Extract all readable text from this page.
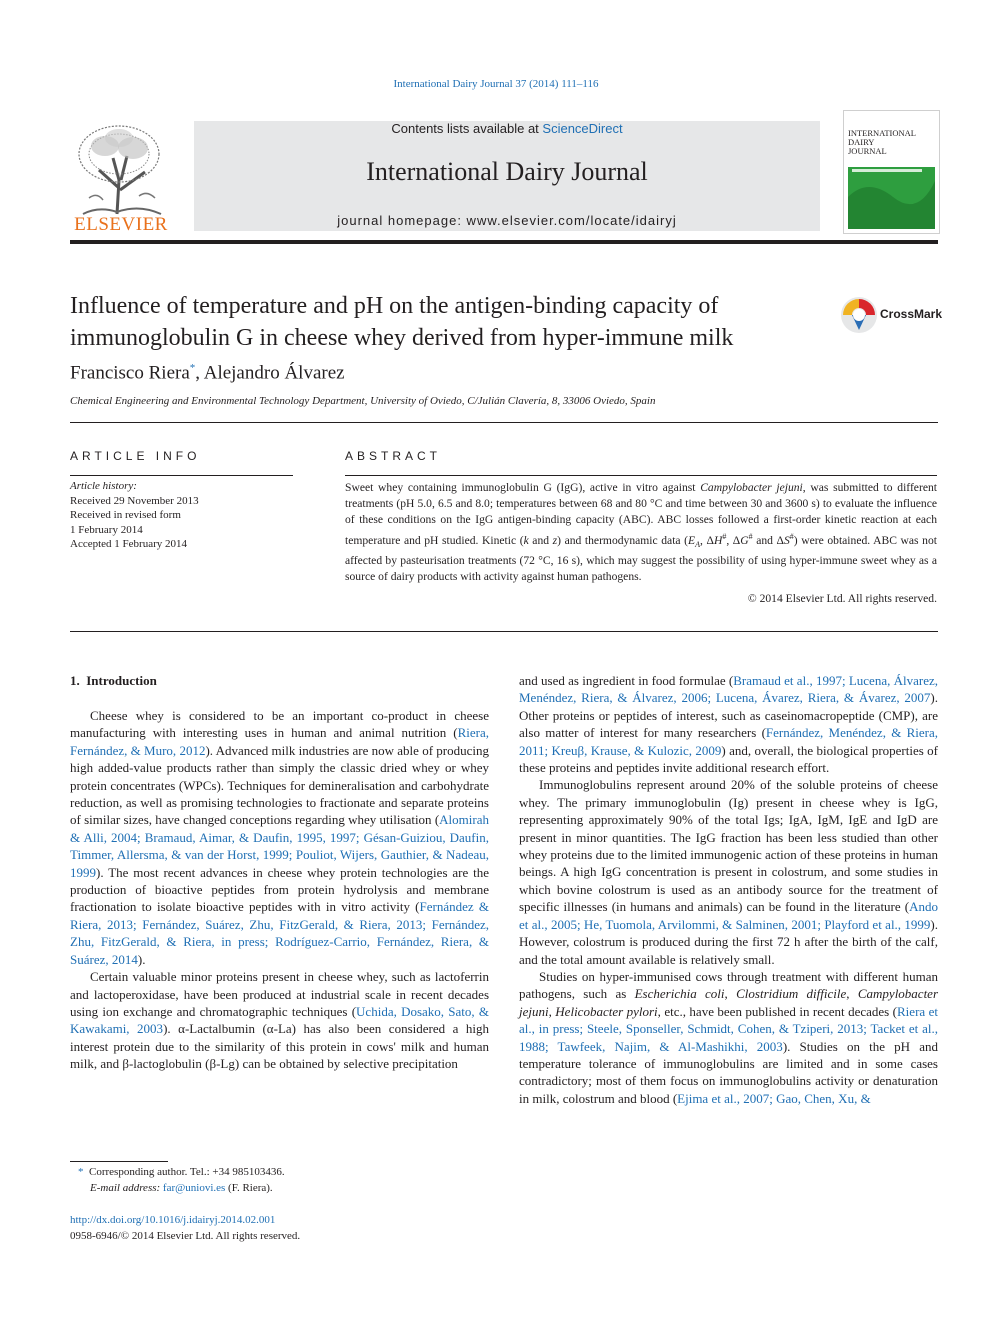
International Dairy Journal 37 (2014) 111–116
ELSEVIER
Contents lists available at ScienceDirect
International Dairy Journal
journal homepage: www.elsevier.com/locate/idairyj
INTERNATIONAL
DAIRY
JOURNAL
Influence of temperature and pH on the antigen-binding capacity of immunoglobulin G in cheese whey derived from hyper-immune milk
CrossMark
Francisco Riera*, Alejandro Álvarez
Chemical Engineering and Environmental Technology Department, University of Oviedo, C/Julián Clavería, 8, 33006 Oviedo, Spain
ARTICLE INFO
Article history:
Received 29 November 2013
Received in revised form
1 February 2014
Accepted 1 February 2014
ABSTRACT
Sweet whey containing immunoglobulin G (IgG), active in vitro against Campylobacter jejuni, was submitted to different treatments (pH 5.0, 6.5 and 8.0; temperatures between 68 and 80 °C and time between 30 and 3600 s) to evaluate the influence of these conditions on the IgG antigen-binding capacity (ABC). ABC losses followed a first-order kinetic reaction at each temperature and pH studied. Kinetic (k and z) and thermodynamic data ($E_A$, ΔH#, ΔG# and ΔS#) were obtained. ABC was not affected by pasteurisation treatments (72 °C, 16 s), which may suggest the possibility of using hyper-immune sweet whey as a source of dairy products with activity against human pathogens.
© 2014 Elsevier Ltd. All rights reserved.
1. Introduction

Cheese whey is considered to be an important co-product in cheese manufacturing with interesting uses in human and animal nutrition (Riera, Fernández, & Muro, 2012). Advanced milk industries are now able of producing high added-value products rather than simply the classic dried whey or whey protein concentrates (WPCs). Techniques for demineralisation and carbohydrate reduction, as well as promising technologies to fractionate and separate proteins of similar sizes, have changed conceptions regarding whey utilisation (Alomirah & Alli, 2004; Bramaud, Aimar, & Daufin, 1995, 1997; Gésan-Guiziou, Daufin, Timmer, Allersma, & van der Horst, 1999; Pouliot, Wijers, Gauthier, & Nadeau, 1999). The most recent advances in cheese whey protein technologies are the production of bioactive peptides from protein hydrolysis and membrane fractionation to isolate bioactive peptides with in vitro activity (Fernández & Riera, 2013; Fernández, Suárez, Zhu, FitzGerald, & Riera, 2013; Fernández, Zhu, FitzGerald, & Riera, in press; Rodríguez-Carrio, Fernández, Riera, & Suárez, 2014).

Certain valuable minor proteins present in cheese whey, such as lactoferrin and lactoperoxidase, have been produced at industrial scale in recent decades using ion exchange and chromatographic techniques (Uchida, Dosako, Sato, & Kawakami, 2003). α-Lactalbumin (α-La) has also been considered a high interest protein due to the similarity of this protein in cows' milk and human milk, and β-lactoglobulin (β-Lg) can be obtained by selective precipitation

and used as ingredient in food formulae (Bramaud et al., 1997; Lucena, Álvarez, Menéndez, Riera, & Álvarez, 2006; Lucena, Ávarez, Riera, & Ávarez, 2007). Other proteins or peptides of interest, such as caseinomacropeptide (CMP), are also matter of interest for many researchers (Fernández, Menéndez, & Riera, 2011; Kreuβ, Krause, & Kulozic, 2009) and, overall, the biological properties of these proteins and peptides invite additional research effort.

Immunoglobulins represent around 20% of the soluble proteins of cheese whey. The primary immunoglobulin (Ig) present in cheese whey is IgG, representing approximately 90% of the total Igs; IgA, IgM, IgE and IgD are present in minor quantities. The IgG fraction has been less studied than other whey proteins due to the limited immunogenic action of these proteins in human beings. A high IgG concentration is present in colostrum, and some studies in which bovine colostrum is used as an antibody source for the treatment of specific illnesses (in humans and animals) can be found in the literature (Ando et al., 2005; He, Tuomola, Arvilommi, & Salminen, 2001; Playford et al., 1999). However, colostrum is produced during the first 72 h after the birth of the calf, and the total amount available is relatively small.

Studies on hyper-immunised cows through treatment with different human pathogens, such as Escherichia coli, Clostridium difficile, Campylobacter jejuni, Helicobacter pylori, etc., have been published in recent decades (Riera et al., in press; Steele, Sponseller, Schmidt, Cohen, & Tziperi, 2013; Tacket et al., 1988; Tawfeek, Najim, & Al-Mashikhi, 2003). Studies on the pH and temperature tolerance of immunoglobulins are limited and in some cases contradictory; most of them focus on immunoglobulins activity or denaturation in milk, colostrum and blood (Ejima et al., 2007; Gao, Chen, Xu, &

* Corresponding author. Tel.: +34 985103436.
E-mail address: far@uniovi.es (F. Riera).
http://dx.doi.org/10.1016/j.idairyj.2014.02.001
0958-6946/© 2014 Elsevier Ltd. All rights reserved.
